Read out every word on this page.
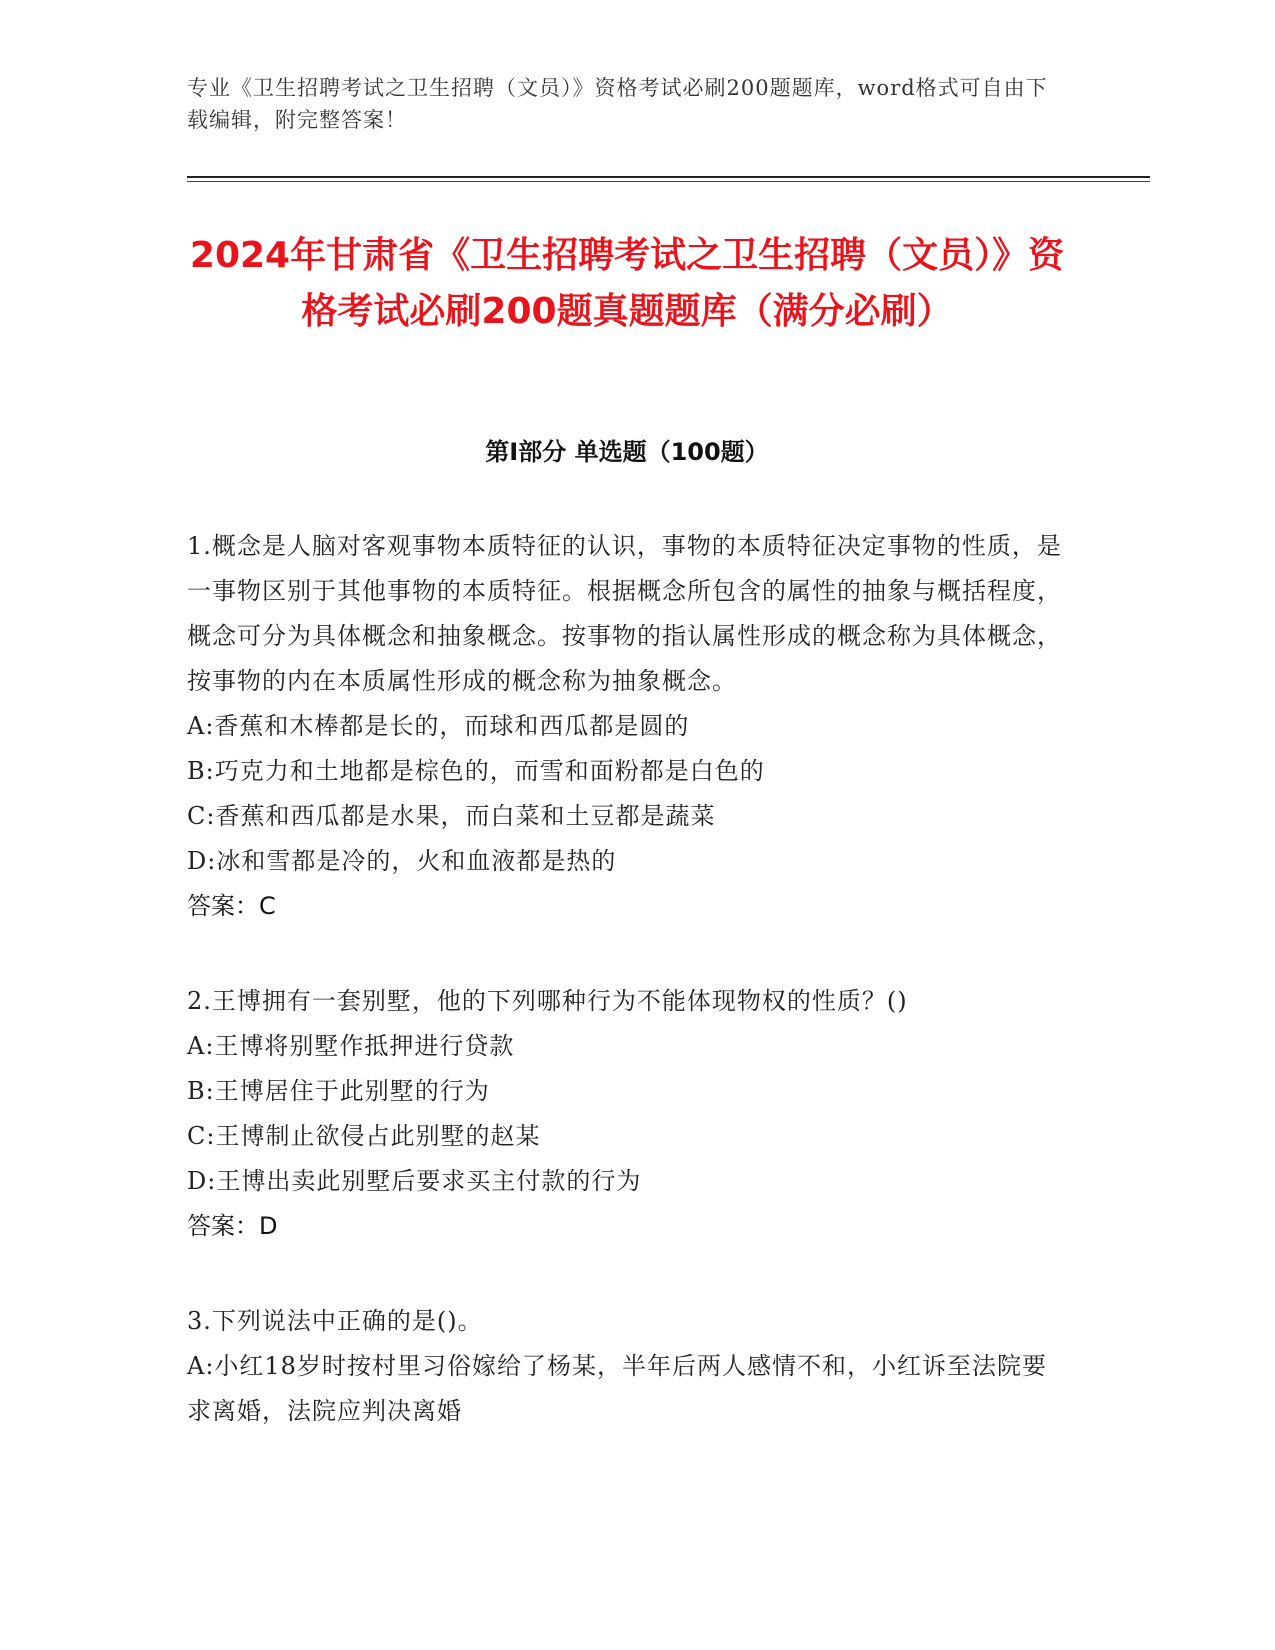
专业《卫生招聘考试之卫生招聘（文员）》资格考试必刷200题题库，word格式可自由下载编辑，附完整答案！
2024年甘肃省《卫生招聘考试之卫生招聘（文员）》资格考试必刷200题真题题库（满分必刷）
第I部分 单选题（100题）

1.概念是人脑对客观事物本质特征的认识，事物的本质特征决定事物的性质，是一事物区别于其他事物的本质特征。根据概念所包含的属性的抽象与概括程度，概念可分为具体概念和抽象概念。按事物的指认属性形成的概念称为具体概念，按事物的内在本质属性形成的概念称为抽象概念。

A:香蕉和木棒都是长的，而球和西瓜都是圆的

B:巧克力和土地都是棕色的，而雪和面粉都是白色的

C:香蕉和西瓜都是水果，而白菜和土豆都是蔬菜

D:冰和雪都是冷的，火和血液都是热的

答案：C

2.王博拥有一套别墅，他的下列哪种行为不能体现物权的性质？()

A:王博将别墅作抵押进行贷款

B:王博居住于此别墅的行为

C:王博制止欲侵占此别墅的赵某

D:王博出卖此别墅后要求买主付款的行为

答案：D

3.下列说法中正确的是()。

A:小红18岁时按村里习俗嫁给了杨某，半年后两人感情不和，小红诉至法院要求离婚，法院应判决离婚
